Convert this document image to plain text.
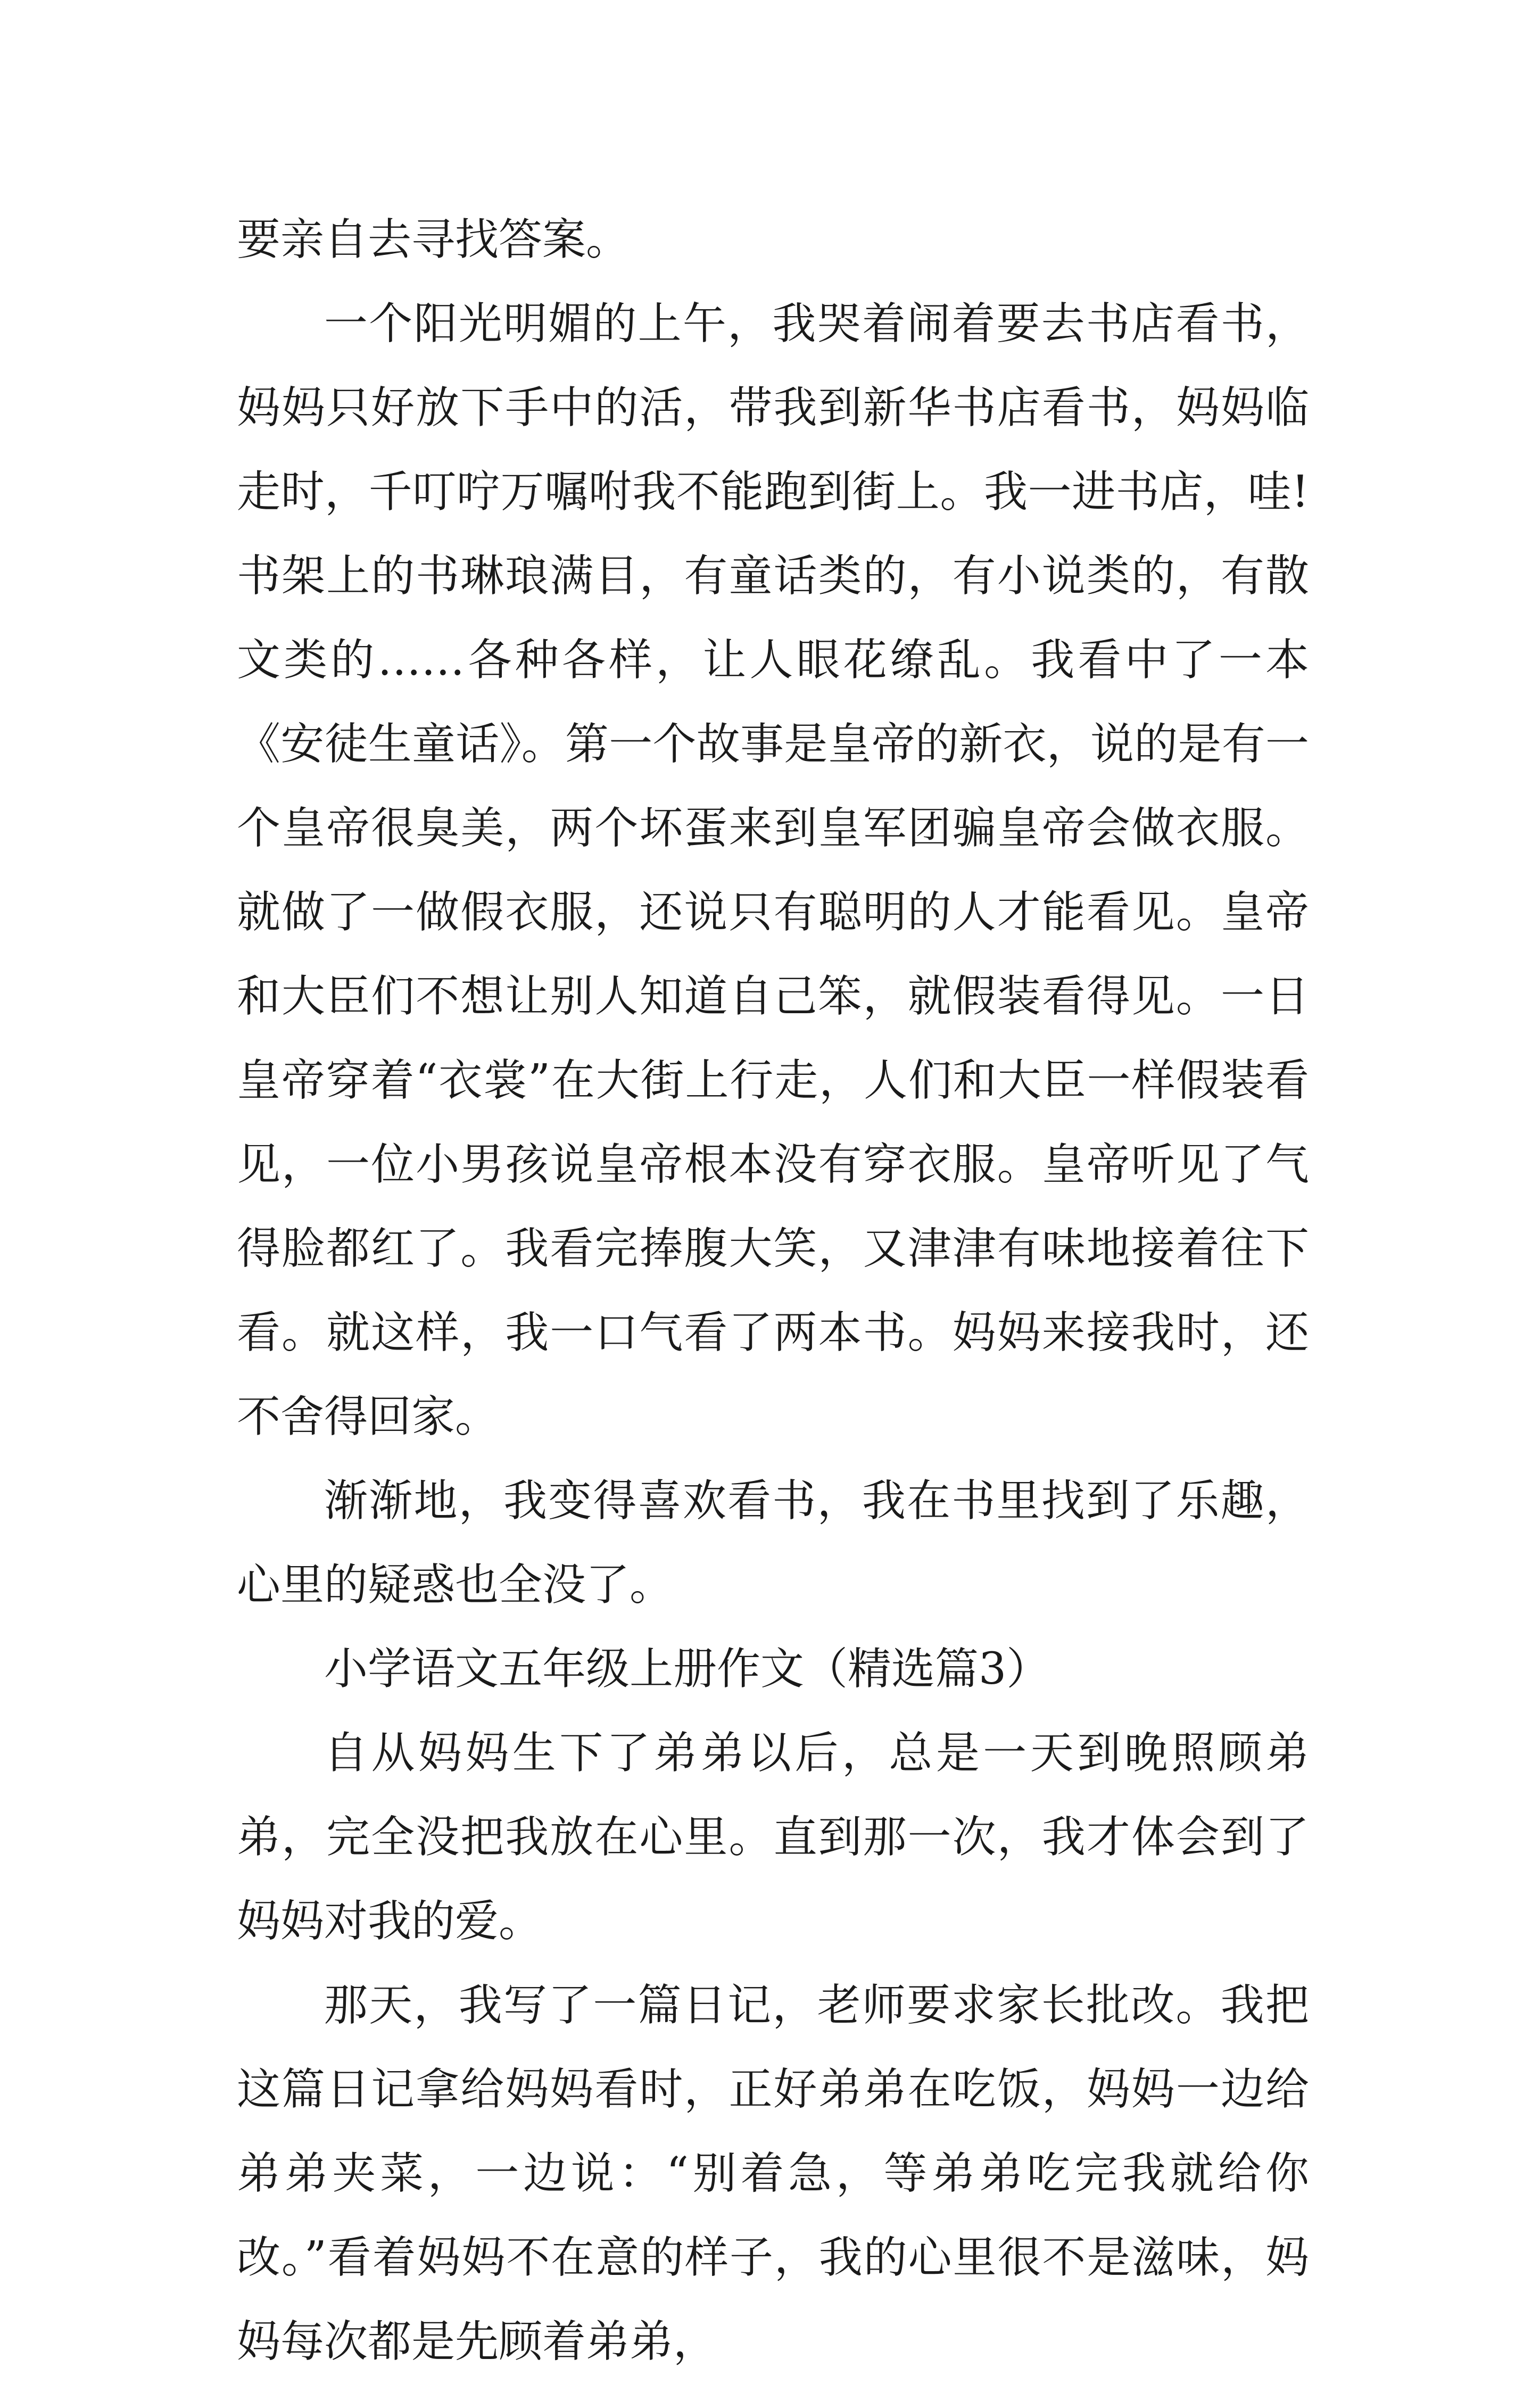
要亲自去寻找答案。

一个阳光明媚的上午，我哭着闹着要去书店看书，妈妈只好放下手中的活，带我到新华书店看书，妈妈临走时，千叮咛万嘱咐我不能跑到街上。我一进书店，哇!书架上的书琳琅满目，有童话类的，有小说类的，有散文类的……各种各样，让人眼花缭乱。我看中了一本《安徒生童话》。第一个故事是皇帝的新衣，说的是有一个皇帝很臭美，两个坏蛋来到皇军团骗皇帝会做衣服。就做了一做假衣服，还说只有聪明的人才能看见。皇帝和大臣们不想让别人知道自己笨，就假装看得见。一日皇帝穿着“衣裳”在大街上行走，人们和大臣一样假装看见，一位小男孩说皇帝根本没有穿衣服。皇帝听见了气得脸都红了。我看完捧腹大笑，又津津有味地接着往下看。就这样，我一口气看了两本书。妈妈来接我时，还不舍得回家。

渐渐地，我变得喜欢看书，我在书里找到了乐趣，心里的疑惑也全没了。

小学语文五年级上册作文（精选篇3）

自从妈妈生下了弟弟以后，总是一天到晚照顾弟弟，完全没把我放在心里。直到那一次，我才体会到了妈妈对我的爱。

那天，我写了一篇日记，老师要求家长批改。我把这篇日记拿给妈妈看时，正好弟弟在吃饭，妈妈一边给弟弟夹菜，一边说：“别着急，等弟弟吃完我就给你改。”看着妈妈不在意的样子，我的心里很不是滋味，妈妈每次都是先顾着弟弟，
